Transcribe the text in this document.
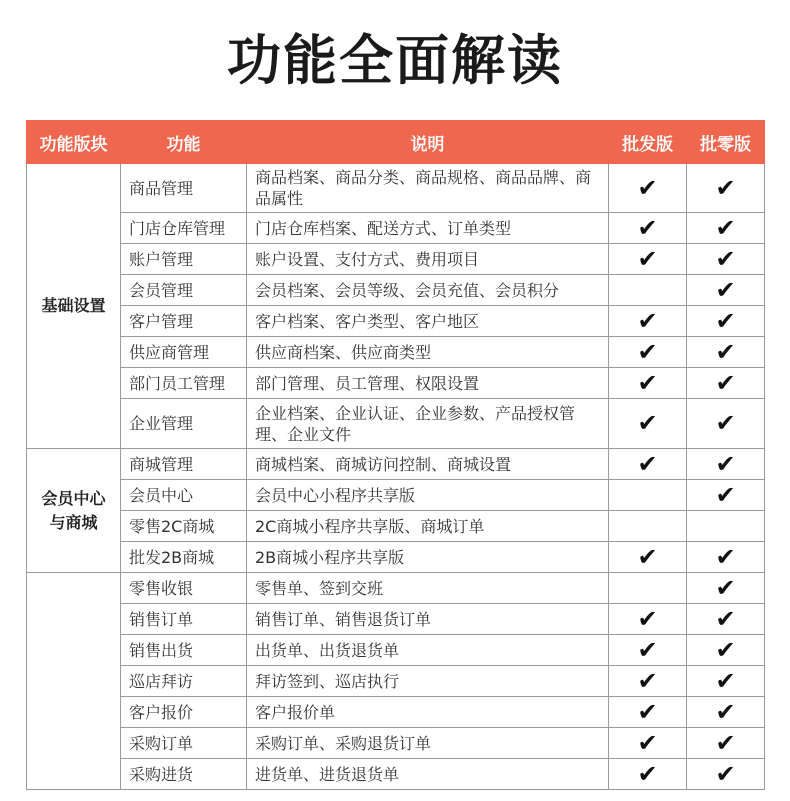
功能全面解读
功能版块	功能	说明	批发版	批零版
基础设置	商品管理	商品档案、商品分类、商品规格、商品品牌、商品属性	✔	✔
	门店仓库管理	门店仓库档案、配送方式、订单类型	✔	✔
	账户管理	账户设置、支付方式、费用项目	✔	✔
	会员管理	会员档案、会员等级、会员充值、会员积分		✔
	客户管理	客户档案、客户类型、客户地区	✔	✔
	供应商管理	供应商档案、供应商类型	✔	✔
	部门员工管理	部门管理、员工管理、权限设置	✔	✔
	企业管理	企业档案、企业认证、企业参数、产品授权管理、企业文件	✔	✔
会员中心与商城	商城管理	商城档案、商城访问控制、商城设置	✔	✔
	会员中心	会员中心小程序共享版		✔
	零售2C商城	2C商城小程序共享版、商城订单		
	批发2B商城	2B商城小程序共享版	✔	✔
	零售收银	零售单、签到交班		✔
	销售订单	销售订单、销售退货订单	✔	✔
	销售出货	出货单、出货退货单	✔	✔
	巡店拜访	拜访签到、巡店执行	✔	✔
	客户报价	客户报价单	✔	✔
	采购订单	采购订单、采购退货订单	✔	✔
	采购进货	进货单、进货退货单	✔	✔
